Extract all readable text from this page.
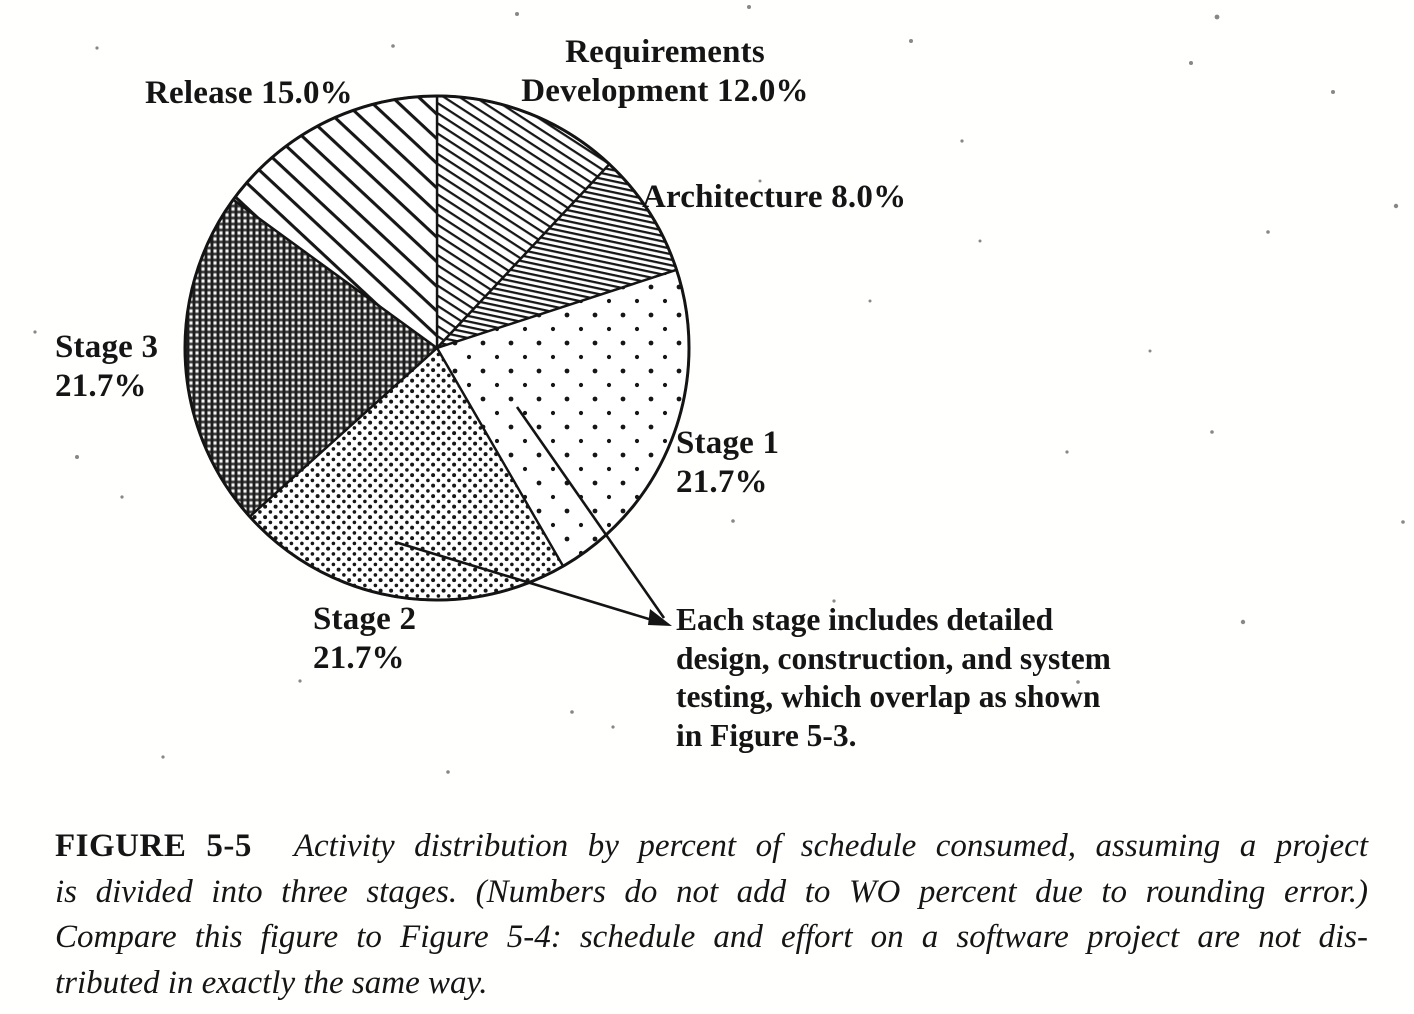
Requirements
Development 12.0%
Architecture 8.0%
Release 15.0%
Stage 3
21.7%
Stage 1
21.7%
Stage 2
21.7%
Each stage includes detailed
design, construction, and system
testing, which overlap as shown
in Figure 5-3.
FIGURE 5-5 Activity distribution by percent of schedule consumed, assuming a project
is divided into three stages. (Numbers do not add to WO percent due to rounding error.)
Compare this figure to Figure 5-4: schedule and effort on a software project are not dis-
tributed in exactly the same way.
